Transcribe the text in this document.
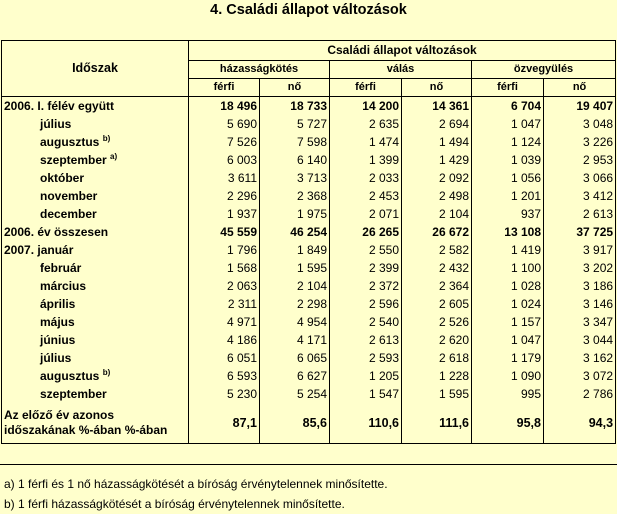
4. Családi állapot változások
Időszak	Családi állapot változások					
	házasságkötés		válás		özvegyülés	
	férfi	nő	férfi	nő	férfi	nő
2006. I. félév együtt	18 496	18 733	14 200	14 361	6 704	19 407
július	5 690	5 727	2 635	2 694	1 047	3 048
augusztus $^{b)}$	7 526	7 598	1 474	1 494	1 124	3 226
szeptember $^{a)}$	6 003	6 140	1 399	1 429	1 039	2 953
október	3 611	3 713	2 033	2 092	1 056	3 066
november	2 296	2 368	2 453	2 498	1 201	3 412
december	1 937	1 975	2 071	2 104	937	2 613
2006. év összesen	45 559	46 254	26 265	26 672	13 108	37 725
2007. január	1 796	1 849	2 550	2 582	1 419	3 917
február	1 568	1 595	2 399	2 432	1 100	3 202
március	2 063	2 104	2 372	2 364	1 028	3 186
április	2 311	2 298	2 596	2 605	1 024	3 146
május	4 971	4 954	2 540	2 526	1 157	3 347
június	4 186	4 171	2 613	2 620	1 047	3 044
július	6 051	6 065	2 593	2 618	1 179	3 162
augusztus $^{b)}$	6 593	6 627	1 205	1 228	1 090	3 072
szeptember	5 230	5 254	1 547	1 595	995	2 786

Az előző év azonos
időszakának %-ában %-ában	87,1	85,6	110,6	111,6	95,8	94,3
a) 1 férfi és 1 nő házasságkötését a bíróság érvénytelennek minősítette.
b) 1 férfi házasságkötését a bíróság érvénytelennek minősítette.
